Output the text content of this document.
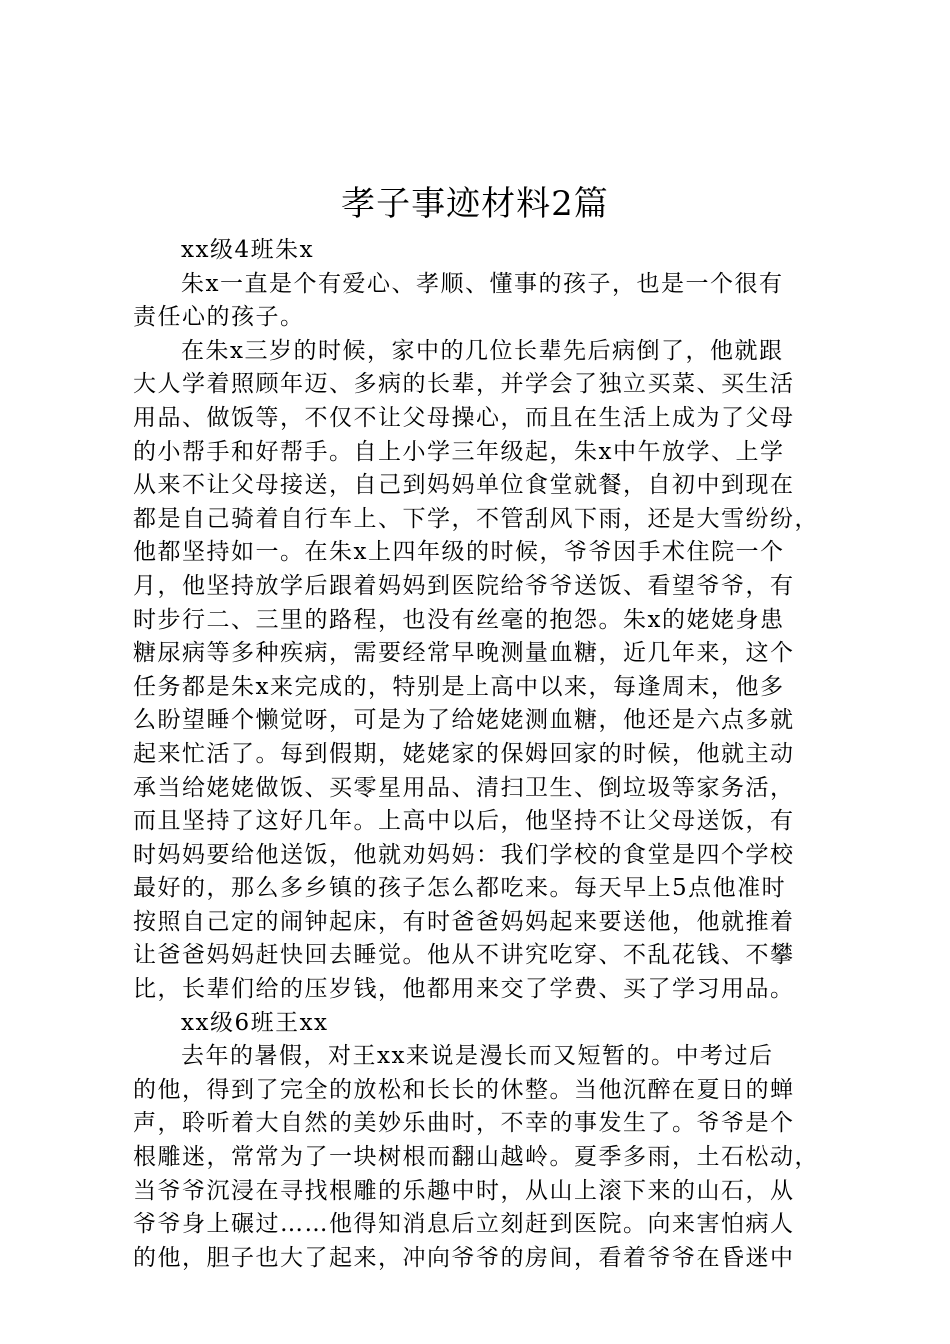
孝子事迹材料2篇
xx级4班朱x
朱x一直是个有爱心、孝顺、懂事的孩子，也是一个很有
责任心的孩子。
在朱x三岁的时候，家中的几位长辈先后病倒了，他就跟
大人学着照顾年迈、多病的长辈，并学会了独立买菜、买生活
用品、做饭等，不仅不让父母操心，而且在生活上成为了父母
的小帮手和好帮手。自上小学三年级起，朱x中午放学、上学
从来不让父母接送，自己到妈妈单位食堂就餐，自初中到现在
都是自己骑着自行车上、下学，不管刮风下雨，还是大雪纷纷，
他都坚持如一。在朱x上四年级的时候，爷爷因手术住院一个
月，他坚持放学后跟着妈妈到医院给爷爷送饭、看望爷爷，有
时步行二、三里的路程，也没有丝毫的抱怨。朱x的姥姥身患
糖尿病等多种疾病，需要经常早晚测量血糖，近几年来，这个
任务都是朱x来完成的，特别是上高中以来，每逢周末，他多
么盼望睡个懒觉呀，可是为了给姥姥测血糖，他还是六点多就
起来忙活了。每到假期，姥姥家的保姆回家的时候，他就主动
承当给姥姥做饭、买零星用品、清扫卫生、倒垃圾等家务活，
而且坚持了这好几年。上高中以后，他坚持不让父母送饭，有
时妈妈要给他送饭，他就劝妈妈：我们学校的食堂是四个学校
最好的，那么多乡镇的孩子怎么都吃来。每天早上5点他准时
按照自己定的闹钟起床，有时爸爸妈妈起来要送他，他就推着
让爸爸妈妈赶快回去睡觉。他从不讲究吃穿、不乱花钱、不攀
比，长辈们给的压岁钱，他都用来交了学费、买了学习用品。
xx级6班王xx
去年的暑假，对王xx来说是漫长而又短暂的。中考过后
的他，得到了完全的放松和长长的休整。当他沉醉在夏日的蝉
声，聆听着大自然的美妙乐曲时，不幸的事发生了。爷爷是个
根雕迷，常常为了一块树根而翻山越岭。夏季多雨，土石松动，
当爷爷沉浸在寻找根雕的乐趣中时，从山上滚下来的山石，从
爷爷身上碾过……他得知消息后立刻赶到医院。向来害怕病人
的他，胆子也大了起来，冲向爷爷的房间，看着爷爷在昏迷中
